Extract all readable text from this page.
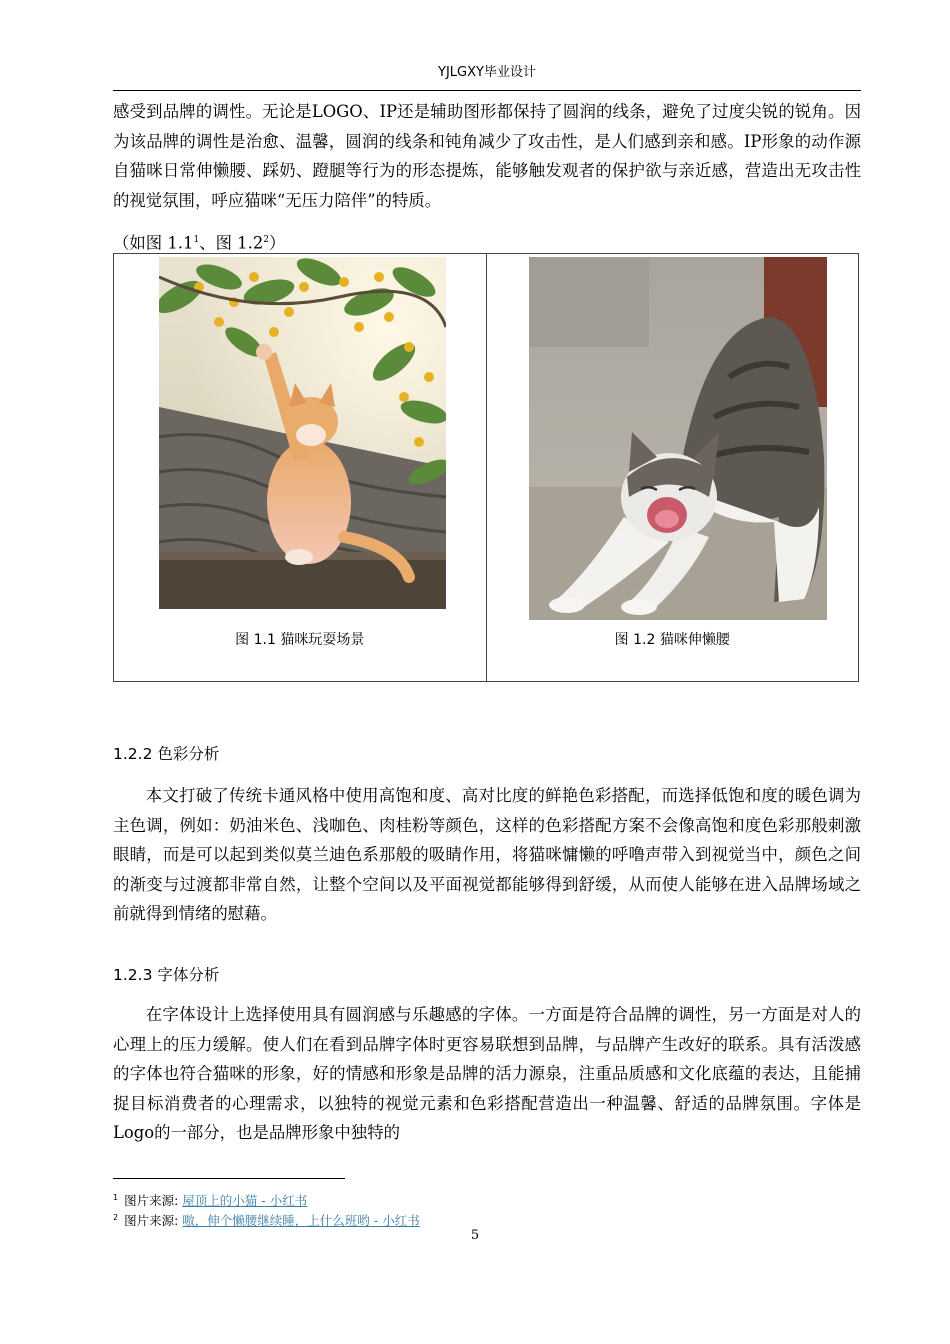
YJLGXY毕业设计

感受到品牌的调性。无论是LOGO、IP还是辅助图形都保持了圆润的线条，避免了过度尖锐的锐角。因为该品牌的调性是治愈、温馨，圆润的线条和钝角减少了攻击性，是人们感到亲和感。IP形象的动作源自猫咪日常伸懒腰、踩奶、蹬腿等行为的形态提炼，能够触发观者的保护欲与亲近感，营造出无攻击性的视觉氛围，呼应猫咪“无压力陪伴”的特质。

（如图 $1.1^1$、图 $1.2^2$）

图 1.1 猫咪玩耍场景	图 1.2 猫咪伸懒腰
1.2.2 色彩分析

本文打破了传统卡通风格中使用高饱和度、高对比度的鲜艳色彩搭配，而选择低饱和度的暖色调为主色调，例如：奶油米色、浅咖色、肉桂粉等颜色，这样的色彩搭配方案不会像高饱和度色彩那般刺激眼睛，而是可以起到类似莫兰迪色系那般的吸睛作用，将猫咪慵懒的呼噜声带入到视觉当中，颜色之间的渐变与过渡都非常自然，让整个空间以及平面视觉都能够得到舒缓，从而使人能够在进入品牌场域之前就得到情绪的慰藉。

1.2.3 字体分析

在字体设计上选择使用具有圆润感与乐趣感的字体。一方面是符合品牌的调性，另一方面是对人的心理上的压力缓解。使人们在看到品牌字体时更容易联想到品牌，与品牌产生改好的联系。具有活泼感的字体也符合猫咪的形象，好的情感和形象是品牌的活力源泉，注重品质感和文化底蕴的表达，且能捕捉目标消费者的心理需求，以独特的视觉元素和色彩搭配营造出一种温馨、舒适的品牌氛围。字体是Logo的一部分，也是品牌形象中独特的

$^1$ 图片来源: 屋顶上的小猫 - 小红书
$^2$ 图片来源: 嗷，伸个懒腰继续睡，上什么班哟 - 小红书
5
